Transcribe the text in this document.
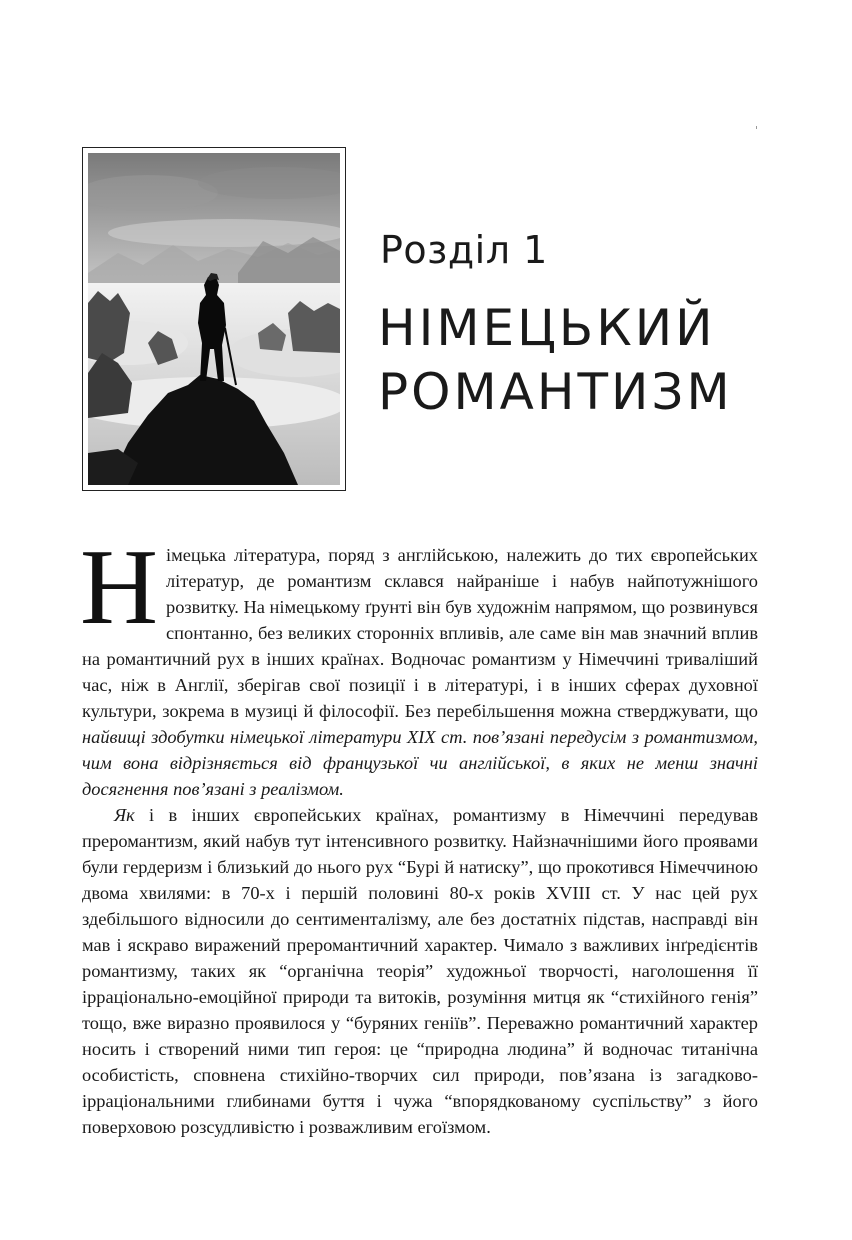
Розділ 1
НІМЕЦЬКИЙ
РОМАНТИЗМ

Німецька література, поряд з англійською, належить до тих європейських літератур, де романтизм склався найраніше і набув найпотужнішого розвитку. На німецькому ґрунті він був художнім напрямом, що розвинувся спонтанно, без великих сторонніх впливів, але саме він мав значний вплив на романтичний рух в інших країнах. Водночас романтизм у Німеччині триваліший час, ніж в Англії, зберігав свої позиції і в літературі, і в інших сферах духовної культури, зокрема в музиці й філософії. Без перебільшення можна стверджувати, що найвищі здобутки німецької літератури XIX ст. пов’язані передусім з романтизмом, чим вона відрізняється від французької чи англійської, в яких не менш значні досягнення пов’язані з реалізмом.

Як і в інших європейських країнах, романтизму в Німеччині передував преромантизм, який набув тут інтенсивного розвитку. Найзначнішими його проявами були гердеризм і близький до нього рух “Бурі й натиску”, що прокотився Німеччиною двома хвилями: в 70-х і першій половині 80-х років XVIII ст. У нас цей рух здебільшого відносили до сентименталізму, але без достатніх підстав, насправді він мав і яскраво виражений преромантичний характер. Чимало з важливих інґредієнтів романтизму, таких як “органічна теорія” художньої творчості, наголошення її ірраціонально-емоційної природи та витоків, розуміння митця як “стихійного генія” тощо, вже виразно проявилося у “буряних геніїв”. Переважно романтичний характер носить і створений ними тип героя: це “природна людина” й водночас титанічна особистість, сповнена стихійно-творчих сил природи, пов’язана із загадково-ірраціональними глибинами буття і чужа “впорядкованому суспільству” з його поверховою розсудливістю і розважливим егоїзмом.
